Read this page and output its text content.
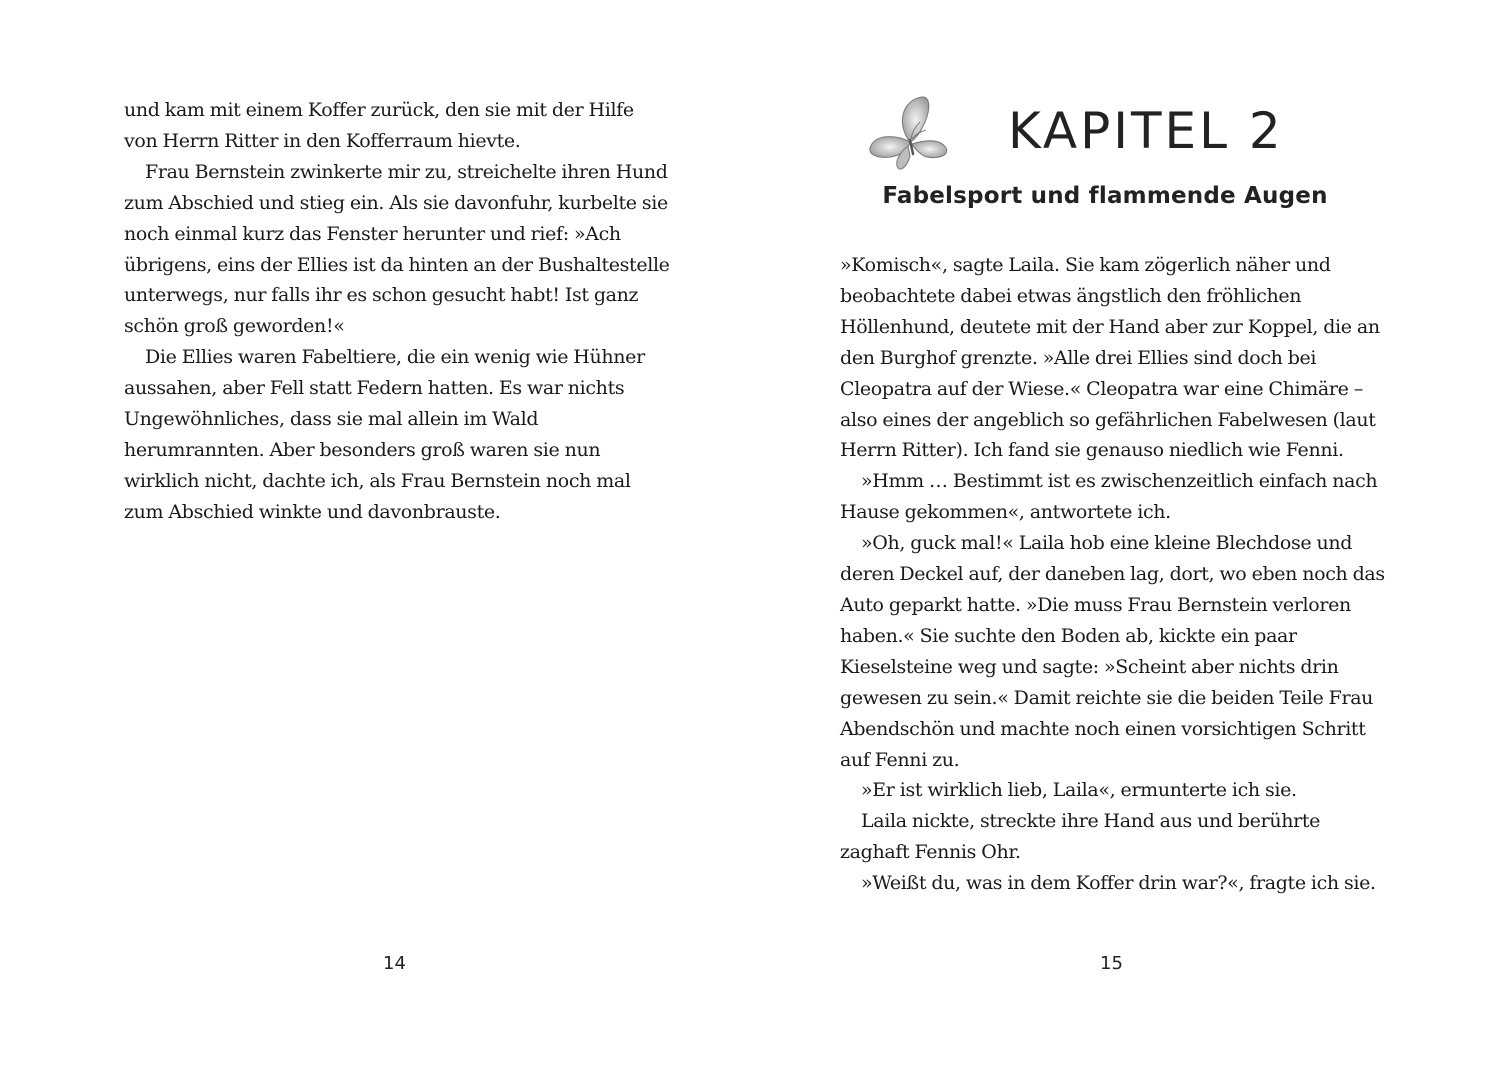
und kam mit einem Koffer zurück, den sie mit der Hilfe von Herrn Ritter in den Kofferraum hievte.

Frau Bernstein zwinkerte mir zu, streichelte ihren Hund zum Abschied und stieg ein. Als sie davonfuhr, kurbelte sie noch einmal kurz das Fenster herunter und rief: »Ach übrigens, eins der Ellies ist da hinten an der Bushaltestelle unterwegs, nur falls ihr es schon gesucht habt! Ist ganz schön groß geworden!«

Die Ellies waren Fabeltiere, die ein wenig wie Hühner aussahen, aber Fell statt Federn hatten. Es war nichts Ungewöhnliches, dass sie mal allein im Wald herumrannten. Aber besonders groß waren sie nun wirklich nicht, dachte ich, als Frau Bernstein noch mal zum Abschied winkte und davonbrauste.

14
KAPITEL 2
Fabelsport und flammende Augen

»Komisch«, sagte Laila. Sie kam zögerlich näher und beobachtete dabei etwas ängstlich den fröhlichen Höllenhund, deutete mit der Hand aber zur Koppel, die an den Burghof grenzte. »Alle drei Ellies sind doch bei Cleopatra auf der Wiese.« Cleopatra war eine Chimäre – also eines der angeblich so gefährlichen Fabelwesen (laut Herrn Ritter). Ich fand sie genauso niedlich wie Fenni.

»Hmm … Bestimmt ist es zwischenzeitlich einfach nach Hause gekommen«, antwortete ich.

»Oh, guck mal!« Laila hob eine kleine Blechdose und deren Deckel auf, der daneben lag, dort, wo eben noch das Auto geparkt hatte. »Die muss Frau Bernstein verloren haben.« Sie suchte den Boden ab, kickte ein paar Kieselsteine weg und sagte: »Scheint aber nichts drin gewesen zu sein.« Damit reichte sie die beiden Teile Frau Abendschön und machte noch einen vorsichtigen Schritt auf Fenni zu.

»Er ist wirklich lieb, Laila«, ermunterte ich sie.

Laila nickte, streckte ihre Hand aus und berührte zaghaft Fennis Ohr.

»Weißt du, was in dem Koffer drin war?«, fragte ich sie.

15
